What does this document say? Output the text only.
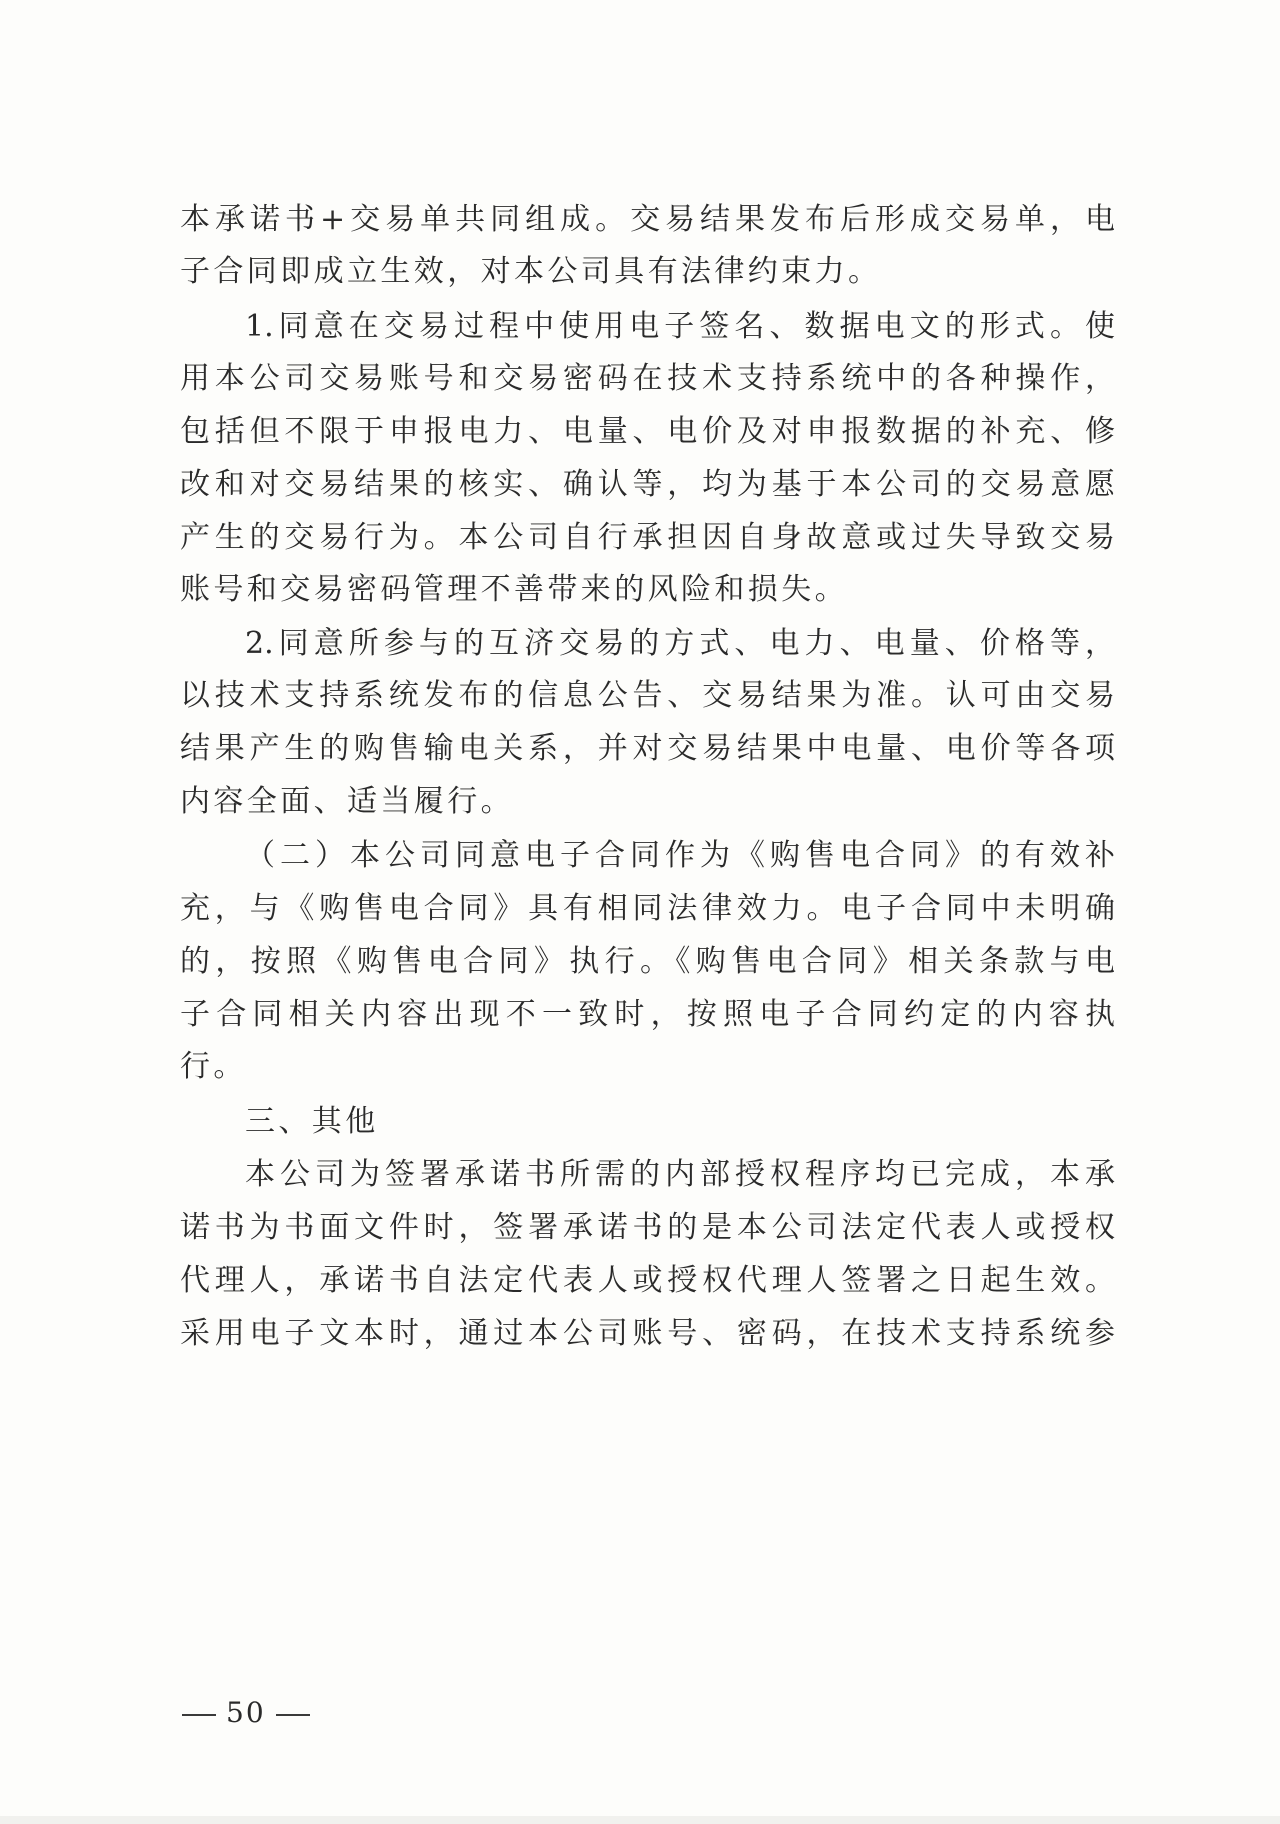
本承诺书+交易单共同组成。交易结果发布后形成交易单，电
子合同即成立生效，对本公司具有法律约束力。
1.同意在交易过程中使用电子签名、数据电文的形式。使
用本公司交易账号和交易密码在技术支持系统中的各种操作，
包括但不限于申报电力、电量、电价及对申报数据的补充、修
改和对交易结果的核实、确认等，均为基于本公司的交易意愿
产生的交易行为。本公司自行承担因自身故意或过失导致交易
账号和交易密码管理不善带来的风险和损失。
2.同意所参与的互济交易的方式、电力、电量、价格等，
以技术支持系统发布的信息公告、交易结果为准。认可由交易
结果产生的购售输电关系，并对交易结果中电量、电价等各项
内容全面、适当履行。
（二）本公司同意电子合同作为《购售电合同》的有效补
充，与《购售电合同》具有相同法律效力。电子合同中未明确
的，按照《购售电合同》执行。《购售电合同》相关条款与电
子合同相关内容出现不一致时，按照电子合同约定的内容执
行。
三、其他
本公司为签署承诺书所需的内部授权程序均已完成，本承
诺书为书面文件时，签署承诺书的是本公司法定代表人或授权
代理人，承诺书自法定代表人或授权代理人签署之日起生效。
采用电子文本时，通过本公司账号、密码，在技术支持系统参
50
